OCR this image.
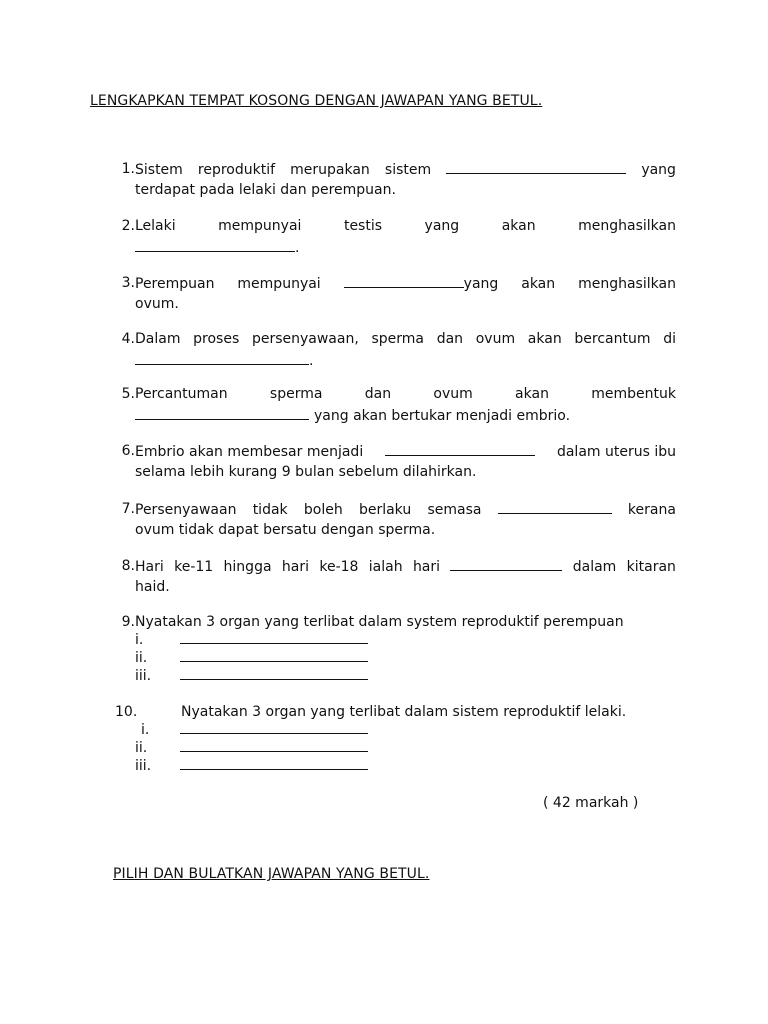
LENGKAPKAN TEMPAT KOSONG DENGAN JAWAPAN YANG BETUL.
1. Sistem reproduktif merupakan sistem	yang
terdapat pada lelaki dan perempuan.
2. Lelaki	mempunyai	testis	yang	akan	menghasilkan
.
3. Perempuan mempunyai	yang akan menghasilkan
ovum.
4. Dalam proses persenyawaan, sperma dan ovum akan bercantum di
.
5. Percantuman	sperma	dan	ovum	akan	membentuk
yang akan bertukar menjadi embrio.
6. Embrio akan membesar menjadi	dalam uterus ibu
selama lebih kurang 9 bulan sebelum dilahirkan.
7. Persenyawaan tidak boleh berlaku semasa	kerana
ovum tidak dapat bersatu dengan sperma.
8. Hari ke-11 hingga hari ke-18 ialah hari	dalam kitaran
haid.
9. Nyatakan 3 organ yang terlibat dalam system reproduktif perempuan
i.
ii.
iii.
10.	Nyatakan 3 organ yang terlibat dalam sistem reproduktif lelaki.
i.
ii.
iii.
( 42 markah )
PILIH DAN BULATKAN JAWAPAN YANG BETUL.
